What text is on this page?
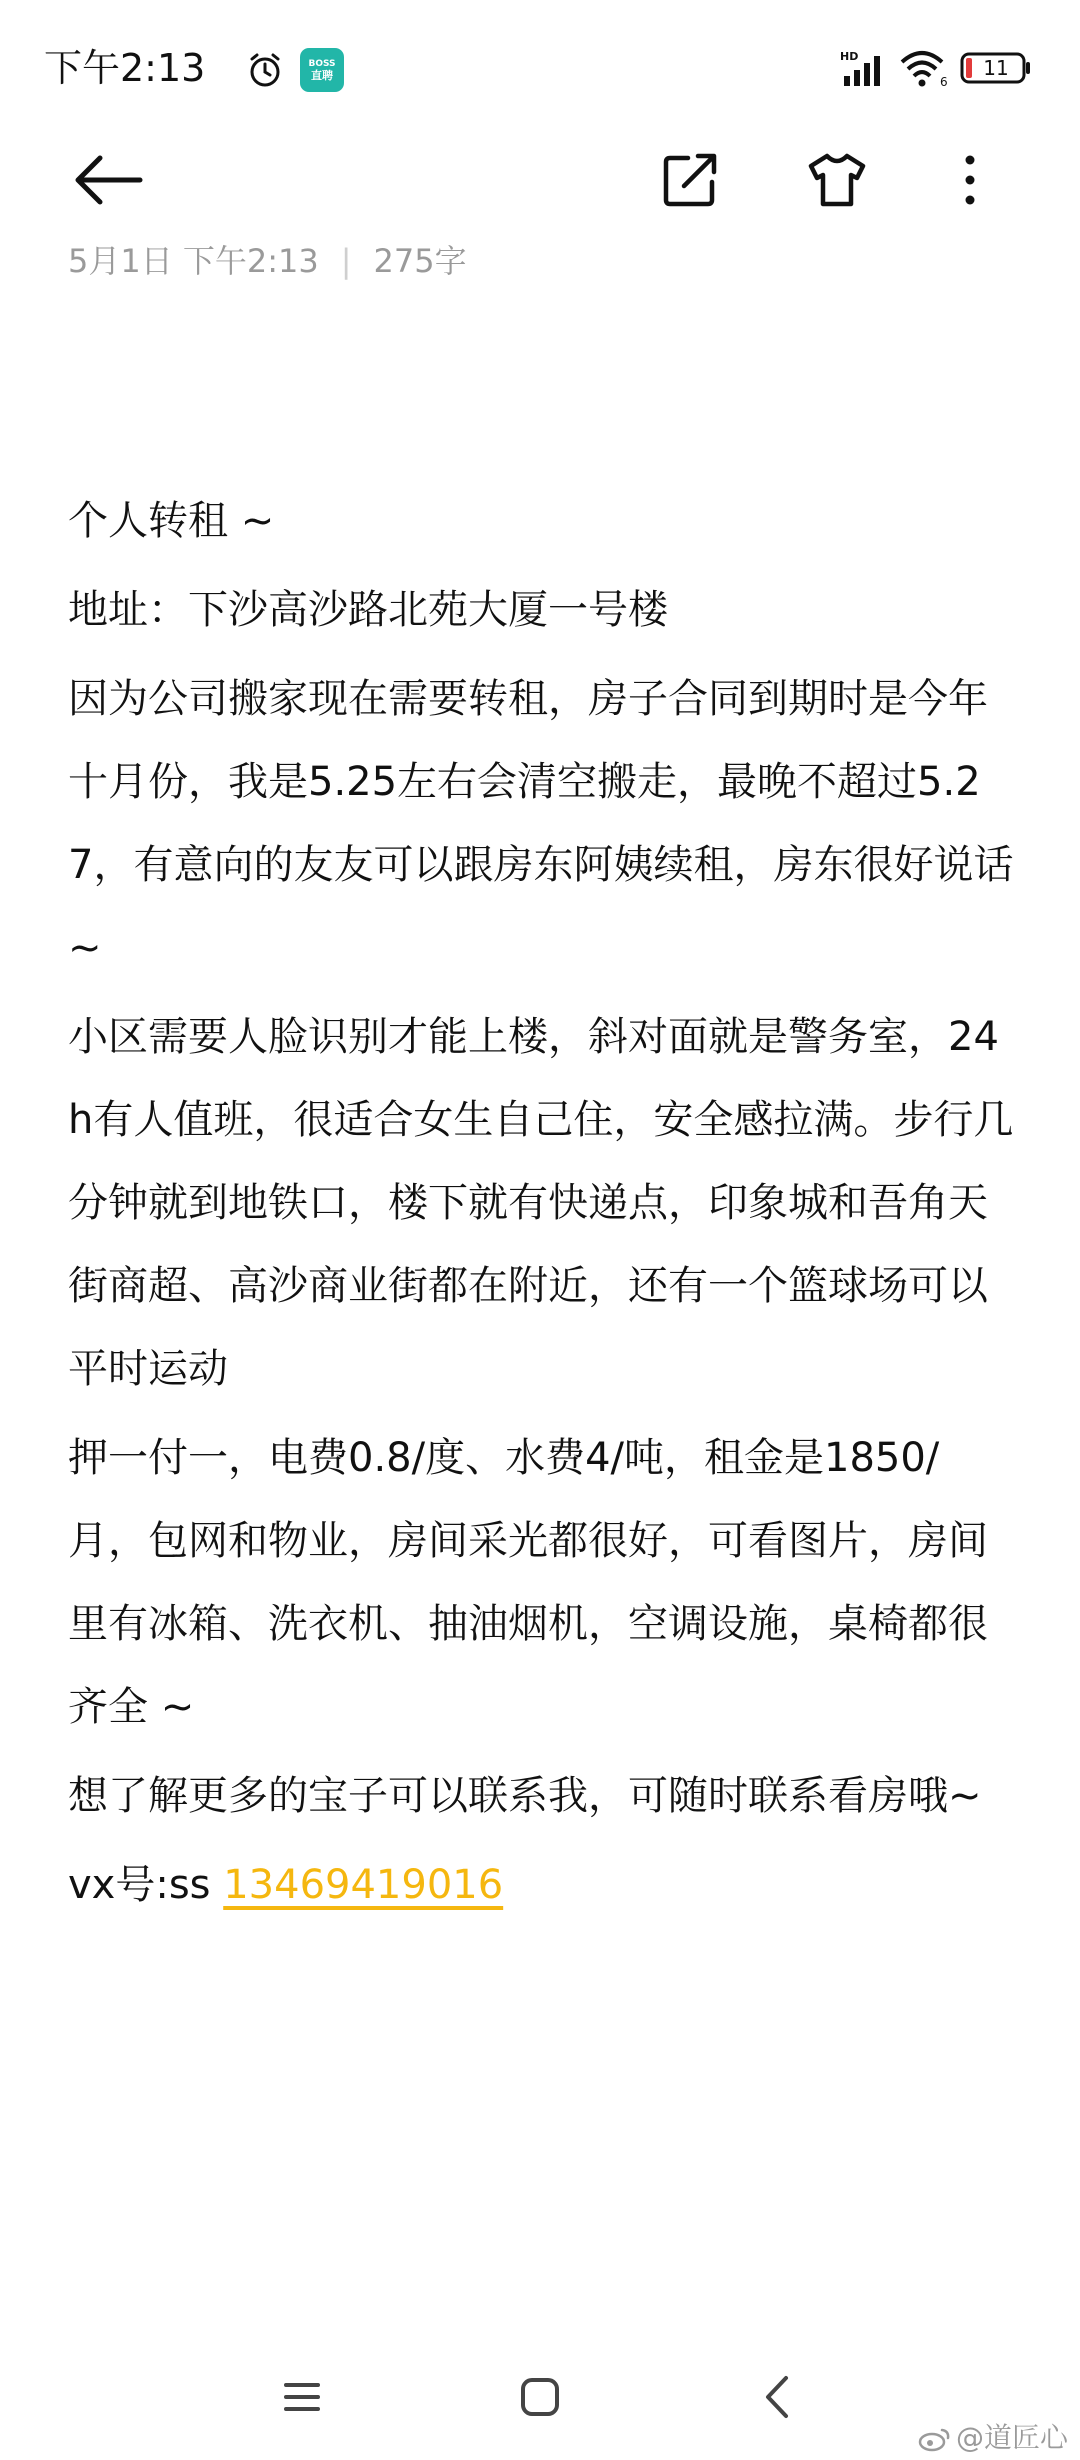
下午2:13	BOSS
直聘
HD
6
11
5月1日 下午2:13 | 275字

个人转租 ~

地址：下沙高沙路北苑大厦一号楼

因为公司搬家现在需要转租，房子合同到期时是今年十月份，我是5.25左右会清空搬走，最晚不超过5.27，有意向的友友可以跟房东阿姨续租，房东很好说话 ~

小区需要人脸识别才能上楼，斜对面就是警务室，24h有人值班，很适合女生自己住，安全感拉满。步行几分钟就到地铁口，楼下就有快递点，印象城和吾角天街商超、高沙商业街都在附近，还有一个篮球场可以平时运动

押一付一，电费0.8/度、水费4/吨，租金是1850/月，包网和物业，房间采光都很好，可看图片，房间里有冰箱、洗衣机、抽油烟机，空调设施，桌椅都很齐全 ~

想了解更多的宝子可以联系我，可随时联系看房哦~

vx号:ss 13469419016

@道匠心
